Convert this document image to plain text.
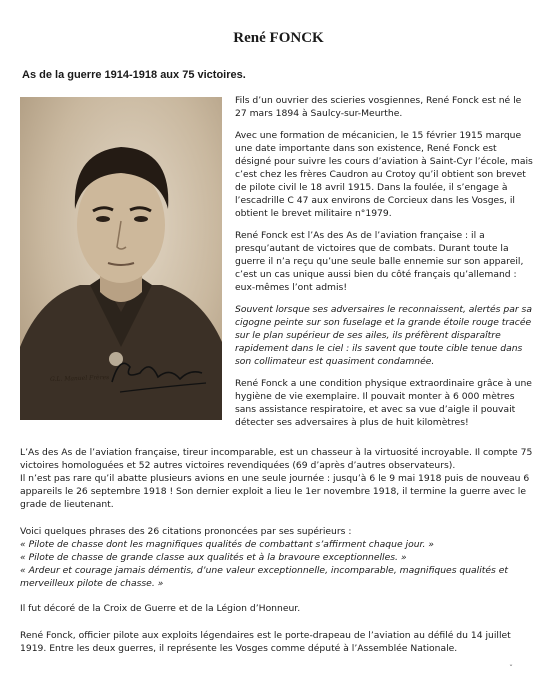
René FONCK
As de la guerre 1914-1918 aux 75 victoires.
G.L. Manuel Frères

Fils d’un ouvrier des scieries vosgiennes, René Fonck est né le 27 mars 1894 à Saulcy-sur-Meurthe.

Avec une formation de mécanicien, le 15 février 1915 marque une date importante dans son existence, René Fonck est désigné pour suivre les cours d’aviation à Saint-Cyr l’école, mais c’est chez les frères Caudron au Crotoy qu’il obtient son brevet de pilote civil le 18 avril 1915. Dans la foulée, il s’engage à l’escadrille C 47 aux environs de Corcieux dans les Vosges, il obtient le brevet militaire n°1979.

René Fonck est l’As des As de l’aviation française : il a presqu’autant de victoires que de combats. Durant toute la guerre il n’a reçu qu’une seule balle ennemie sur son appareil, c’est un cas unique aussi bien du côté français qu’allemand : eux-mêmes l’ont admis!

Souvent lorsque ses adversaires le reconnaissent, alertés par sa cigogne peinte sur son fuselage et la grande étoile rouge tracée sur le plan supérieur de ses ailes, ils préfèrent disparaître rapidement dans le ciel : ils savent que toute cible tenue dans son collimateur est quasiment condamnée.

René Fonck a une condition physique extraordinaire grâce à une hygiène de vie exemplaire. Il pouvait monter à 6 000 mètres sans assistance respiratoire, et avec sa vue d’aigle il pouvait détecter ses adversaires à plus de huit kilomètres!

L’As des As de l’aviation française, tireur incomparable, est un chasseur à la virtuosité incroyable. Il compte 75 victoires homologuées et 52 autres victoires revendiquées (69 d’après d’autres observateurs).

Il n’est pas rare qu’il abatte plusieurs avions en une seule journée : jusqu’à 6 le 9 mai 1918 puis de nouveau 6 appareils le 26 septembre 1918 ! Son dernier exploit a lieu le 1er novembre 1918, il termine la guerre avec le grade de lieutenant.

Voici quelques phrases des 26 citations prononcées par ses supérieurs :

« Pilote de chasse dont les magnifiques qualités de combattant s’affirment chaque jour. »

« Pilote de chasse de grande classe aux qualités et à la bravoure exceptionnelles. »

« Ardeur et courage jamais démentis, d’une valeur exceptionnelle, incomparable, magnifiques qualités et merveilleux pilote de chasse. »

Il fut décoré de la Croix de Guerre et de la Légion d’Honneur.

René Fonck, officier pilote aux exploits légendaires est le porte-drapeau de l’aviation au défilé du 14 juillet 1919. Entre les deux guerres, il représente les Vosges comme député à l’Assemblée Nationale.

ˇ
